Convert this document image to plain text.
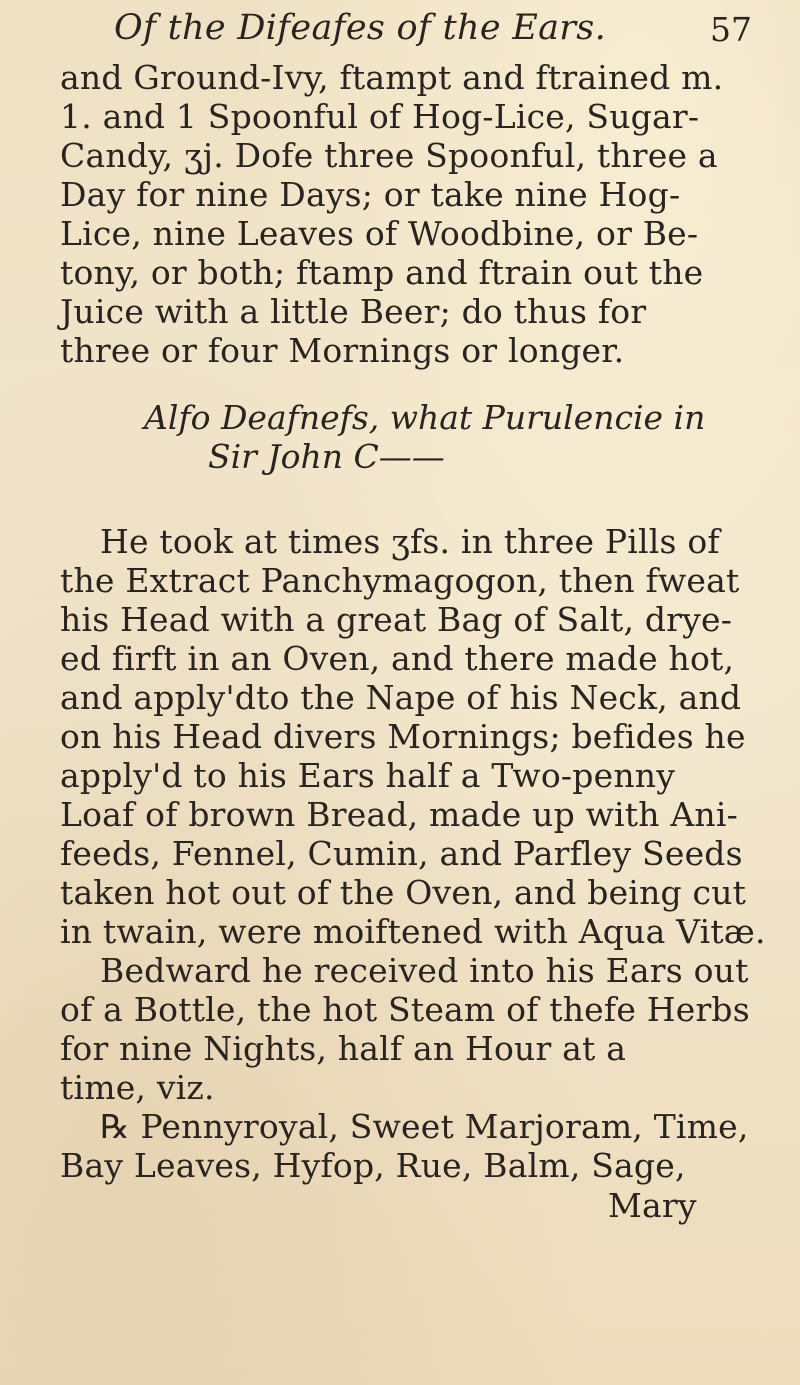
Of the Difeafes of the Ears.	57
and Ground-Ivy, ftampt and ftrained m.
1. and 1 Spoonful of Hog-Lice, Sugar-
Candy, ʒj. Dofe three Spoonful, three a
Day for nine Days; or take nine Hog-
Lice, nine Leaves of Woodbine, or Be-
tony, or both; ftamp and ftrain out the
Juice with a little Beer; do thus for
three or four Mornings or longer.
Alfo Deafnefs, what Purulencie in
Sir John C——
He took at times ʒfs. in three Pills of
the Extract Panchymagogon, then fweat
his Head with a great Bag of Salt, drye-
ed firft in an Oven, and there made hot,
and apply'dto the Nape of his Neck, and
on his Head divers Mornings; befides he
apply'd to his Ears half a Two-penny
Loaf of brown Bread, made up with Ani-
feeds, Fennel, Cumin, and Parfley Seeds
taken hot out of the Oven, and being cut
in twain, were moiftened with Aqua Vitæ.
Bedward he received into his Ears out
of a Bottle, the hot Steam of thefe Herbs
for nine Nights, half an Hour at a
time, viz.
℞ Pennyroyal, Sweet Marjoram, Time,
Bay Leaves, Hyfop, Rue, Balm, Sage,
Mary
